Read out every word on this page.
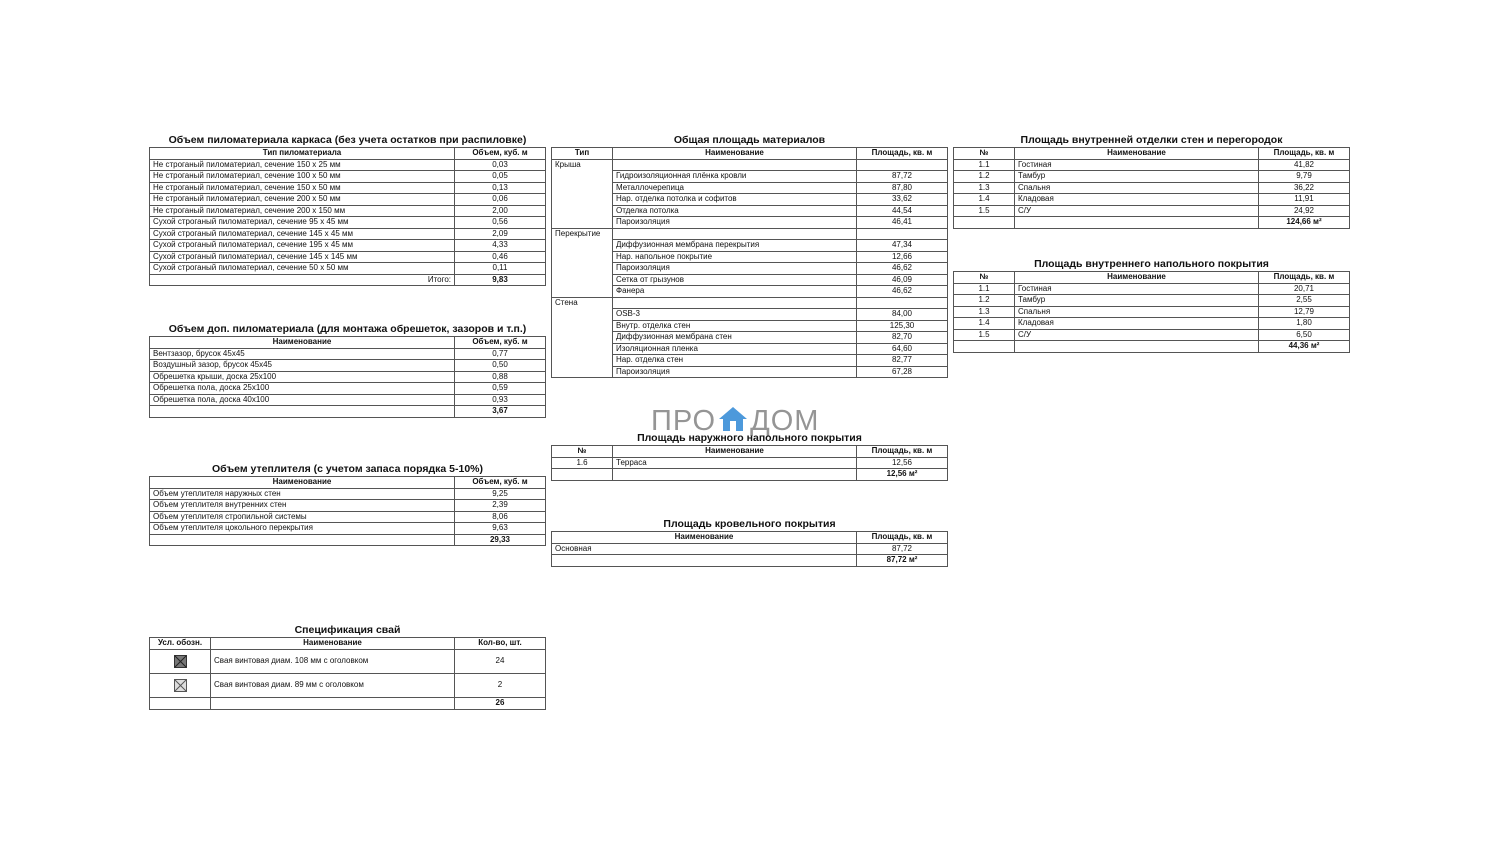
Объем пиломатериала каркаса (без учета остатков при распиловке)
Тип пиломатериала	Объем, куб. м
Не строганый пиломатериал, сечение 150 х 25 мм	0,03
Не строганый пиломатериал, сечение 100 х 50 мм	0,05
Не строганый пиломатериал, сечение 150 х 50 мм	0,13
Не строганый пиломатериал, сечение 200 х 50 мм	0,06
Не строганый пиломатериал, сечение 200 х 150 мм	2,00
Сухой строганый пиломатериал, сечение 95 х 45 мм	0,56
Сухой строганый пиломатериал, сечение 145 х 45 мм	2,09
Сухой строганый пиломатериал, сечение 195 х 45 мм	4,33
Сухой строганый пиломатериал, сечение 145 х 145 мм	0,46
Сухой строганый пиломатериал, сечение 50 х 50 мм	0,11
Итого:	9,83
Объем доп. пиломатериала (для монтажа обрешеток, зазоров и т.п.)
Наименование	Объем, куб. м
Вентзазор, брусок 45х45	0,77
Воздушный зазор, брусок 45х45	0,50
Обрешетка крыши, доска 25х100	0,88
Обрешетка пола, доска 25х100	0,59
Обрешетка пола, доска 40х100	0,93
	3,67
Объем утеплителя (с учетом запаса порядка 5-10%)
Наименование	Объем, куб. м
Объем утеплителя наружных стен	9,25
Объем утеплителя внутренних стен	2,39
Объем утеплителя стропильной системы	8,06
Объем утеплителя цокольного перекрытия	9,63
	29,33
Спецификация свай
Усл. обозн.	Наименование	Кол-во, шт.
	Свая винтовая диам. 108 мм с оголовком	24
	Свая винтовая диам. 89 мм с оголовком	2
		26
Общая площадь материалов
Тип	Наименование	Площадь, кв. м
Крыша		
	Гидроизоляционная плёнка кровли	87,72
	Металлочерепица	87,80
	Нар. отделка потолка и софитов	33,62
	Отделка потолка	44,54
	Пароизоляция	46,41
Перекрытие		
	Диффузионная мембрана перекрытия	47,34
	Нар. напольное покрытие	12,66
	Пароизоляция	46,62
	Сетка от грызунов	46,09
	Фанера	46,62
Стена		
	OSB-3	84,00
	Внутр. отделка стен	125,30
	Диффузионная мембрана стен	82,70
	Изоляционная пленка	64,60
	Нар. отделка стен	82,77
	Пароизоляция	67,28
ПРО ДОМ
Площадь наружного напольного покрытия
№	Наименование	Площадь, кв. м
1.6	Терраса	12,56
		12,56 м²
Площадь кровельного покрытия
Наименование	Площадь, кв. м
Основная	87,72
	87,72 м²
Площадь внутренней отделки стен и перегородок
№	Наименование	Площадь, кв. м
1.1	Гостиная	41,82
1.2	Тамбур	9,79
1.3	Спальня	36,22
1.4	Кладовая	11,91
1.5	С/У	24,92
		124,66 м²
Площадь внутреннего напольного покрытия
№	Наименование	Площадь, кв. м
1.1	Гостиная	20,71
1.2	Тамбур	2,55
1.3	Спальня	12,79
1.4	Кладовая	1,80
1.5	С/У	6,50
		44,36 м²
